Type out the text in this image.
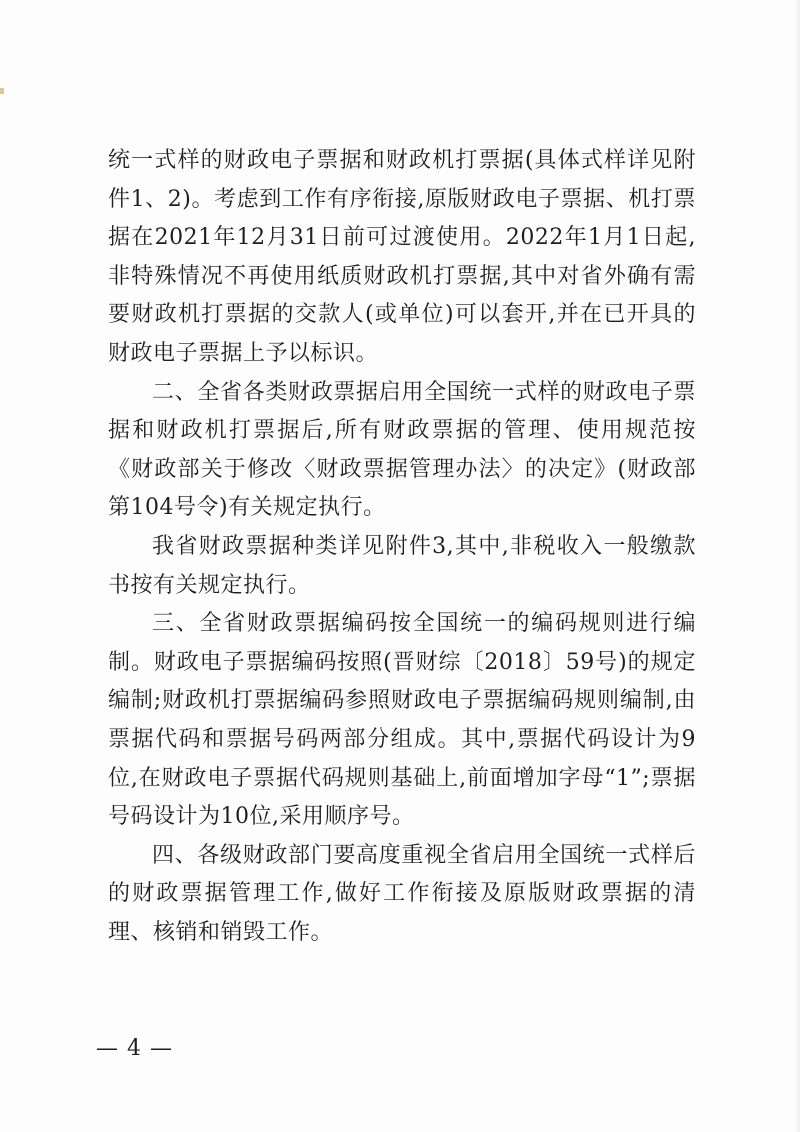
统一式样的财政电子票据和财政机打票据(具体式样详见附件1、2)。考虑到工作有序衔接,原版财政电子票据、机打票据在2021年12月31日前可过渡使用。2022年1月1日起,非特殊情况不再使用纸质财政机打票据,其中对省外确有需要财政机打票据的交款人(或单位)可以套开,并在已开具的财政电子票据上予以标识。

二、全省各类财政票据启用全国统一式样的财政电子票据和财政机打票据后,所有财政票据的管理、使用规范按《财政部关于修改〈财政票据管理办法〉的决定》(财政部第104号令)有关规定执行。

我省财政票据种类详见附件3,其中,非税收入一般缴款书按有关规定执行。

三、全省财政票据编码按全国统一的编码规则进行编制。财政电子票据编码按照(晋财综〔2018〕59号)的规定编制;财政机打票据编码参照财政电子票据编码规则编制,由票据代码和票据号码两部分组成。其中,票据代码设计为9位,在财政电子票据代码规则基础上,前面增加字母“1”;票据号码设计为10位,采用顺序号。

四、各级财政部门要高度重视全省启用全国统一式样后的财政票据管理工作,做好工作衔接及原版财政票据的清理、核销和销毁工作。

— 4 —
